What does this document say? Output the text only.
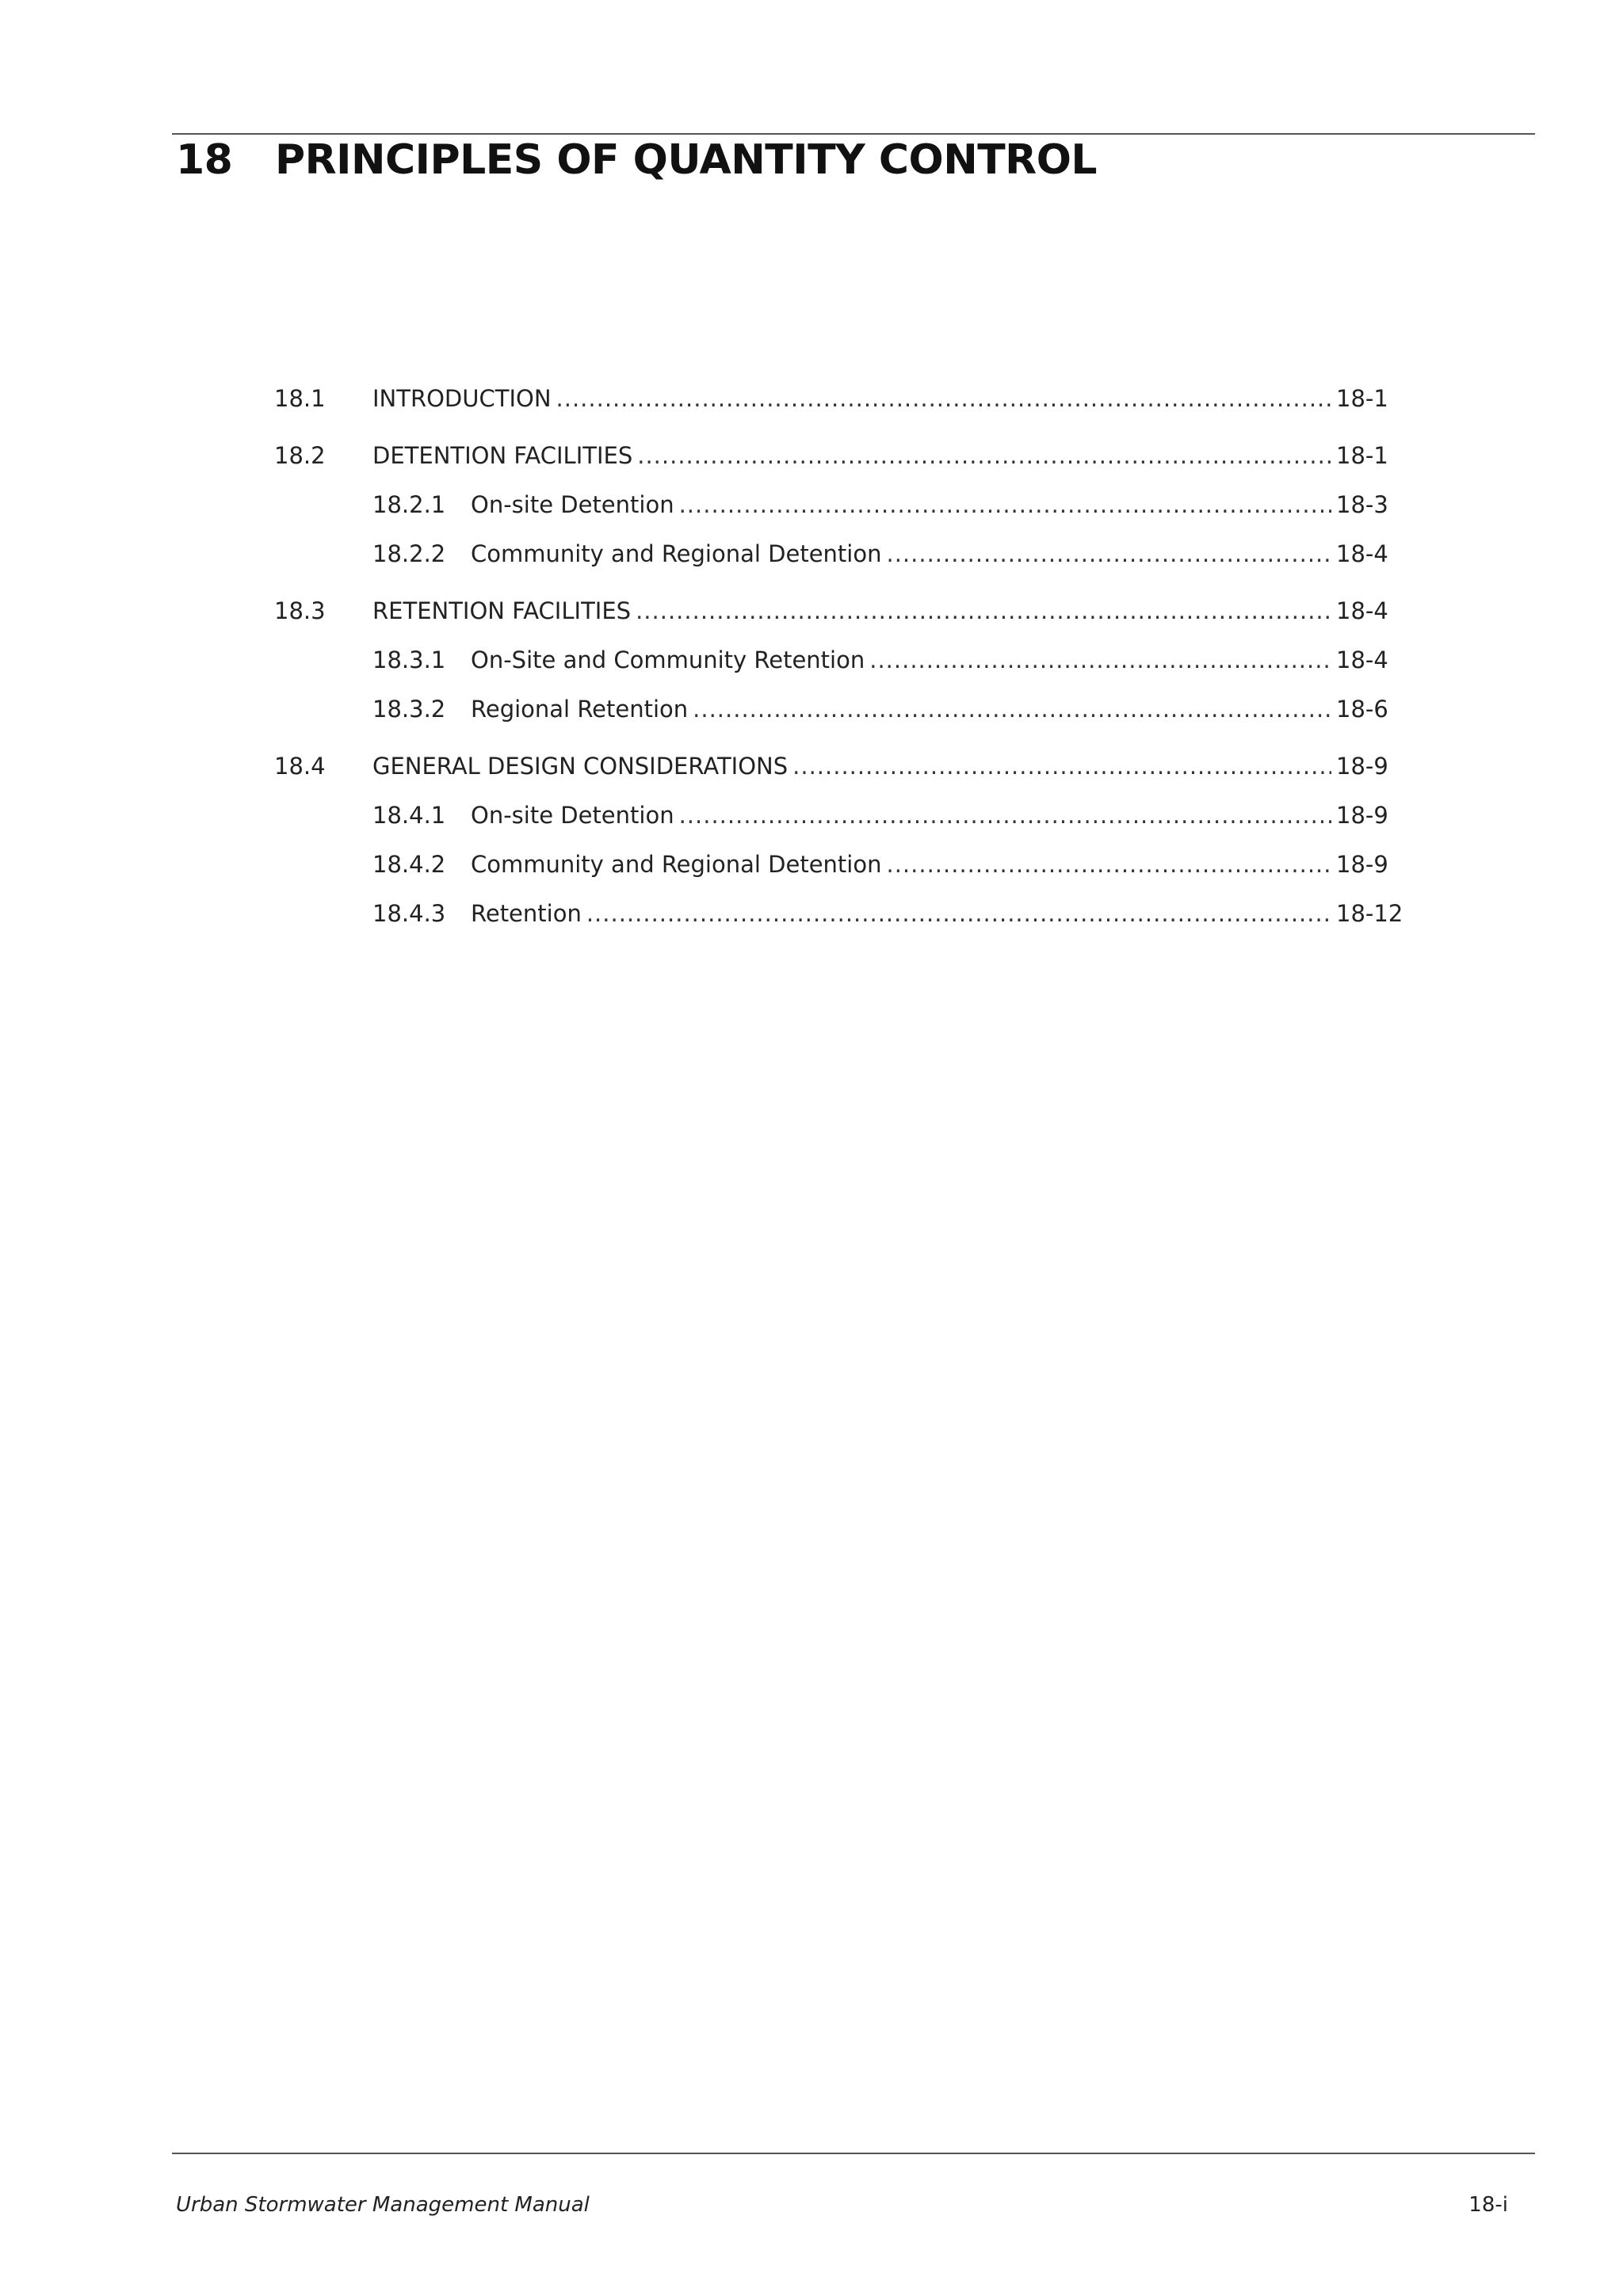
18 PRINCIPLES OF QUANTITY CONTROL
18.1 INTRODUCTION .....	18-1
18.2 DETENTION FACILITIES .....	18-1
18.2.1 On-site Detention .....	18-3
18.2.2 Community and Regional Detention .....	18-4
18.3 RETENTION FACILITIES .....	18-4
18.3.1 On-Site and Community Retention .....	18-4
18.3.2 Regional Retention .....	18-6
18.4 GENERAL DESIGN CONSIDERATIONS .....	18-9
18.4.1 On-site Detention .....	18-9
18.4.2 Community and Regional Detention .....	18-9
18.4.3 Retention .....	18-12
Urban Stormwater Management Manual	18-i
